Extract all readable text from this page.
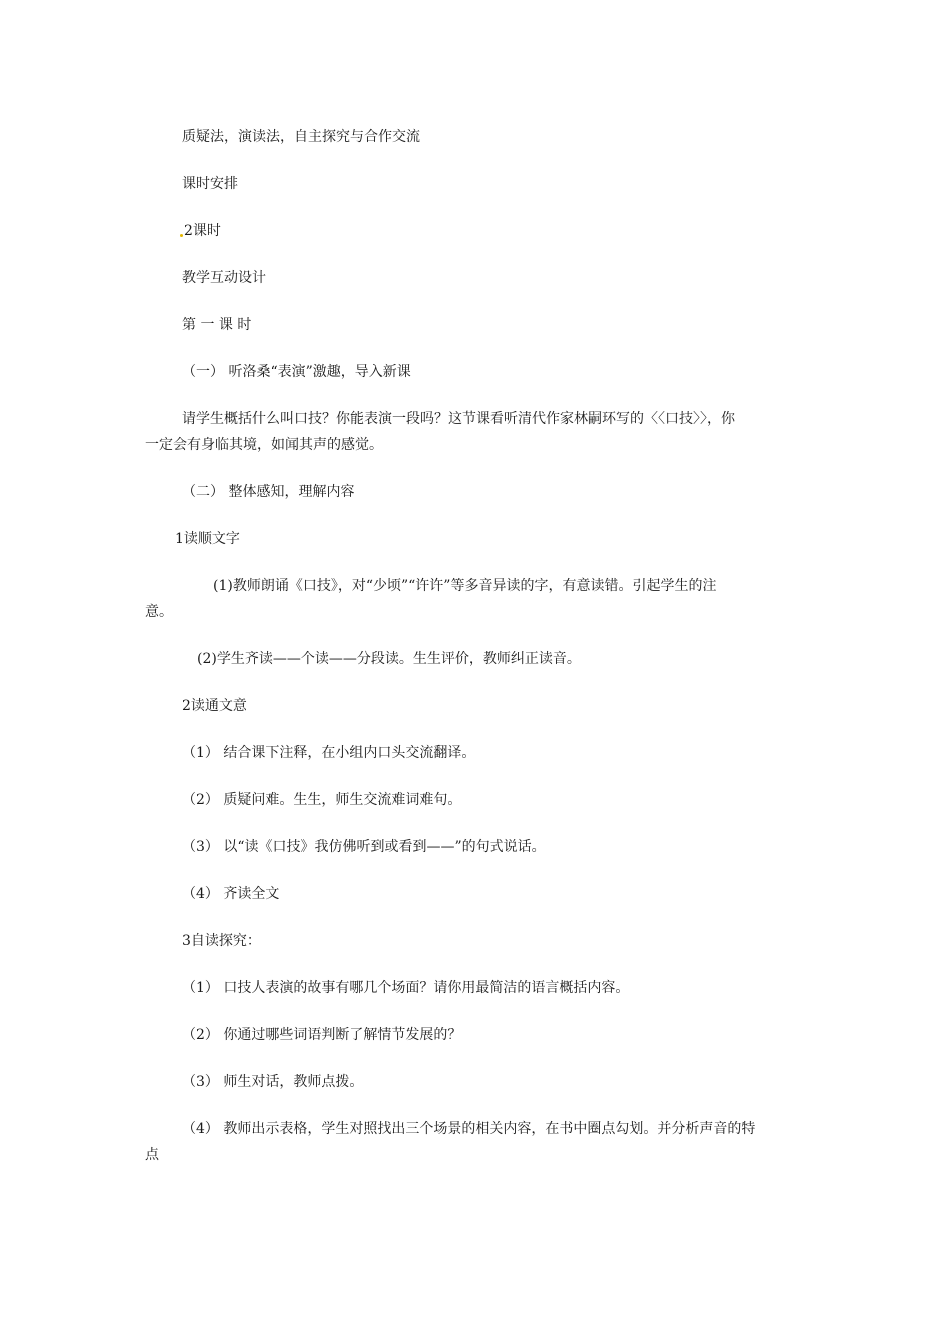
质疑法，演读法，自主探究与合作交流
课时安排
2课时
教学互动设计
第 一 课 时
（一） 听洛桑“表演”激趣，导入新课
请学生概括什么叫口技？你能表演一段吗？这节课看听清代作家林嗣环写的〈〈口技〉〉，你
一定会有身临其境，如闻其声的感觉。
（二） 整体感知，理解内容
1读顺文字
(1)教师朗诵《口技》，对“少顷”“许许”等多音异读的字，有意读错。引起学生的注
意。
(2)学生齐读——个读——分段读。生生评价，教师纠正读音。
2读通文意
（1） 结合课下注释，在小组内口头交流翻译。
（2） 质疑问难。生生，师生交流难词难句。
（3） 以“读《口技》我仿佛听到或看到——”的句式说话。
（4） 齐读全文
3自读探究：
（1） 口技人表演的故事有哪几个场面？请你用最简洁的语言概括内容。
（2） 你通过哪些词语判断了解情节发展的？
（3） 师生对话，教师点拨。
（4） 教师出示表格，学生对照找出三个场景的相关内容，在书中圈点勾划。并分析声音的特
点
